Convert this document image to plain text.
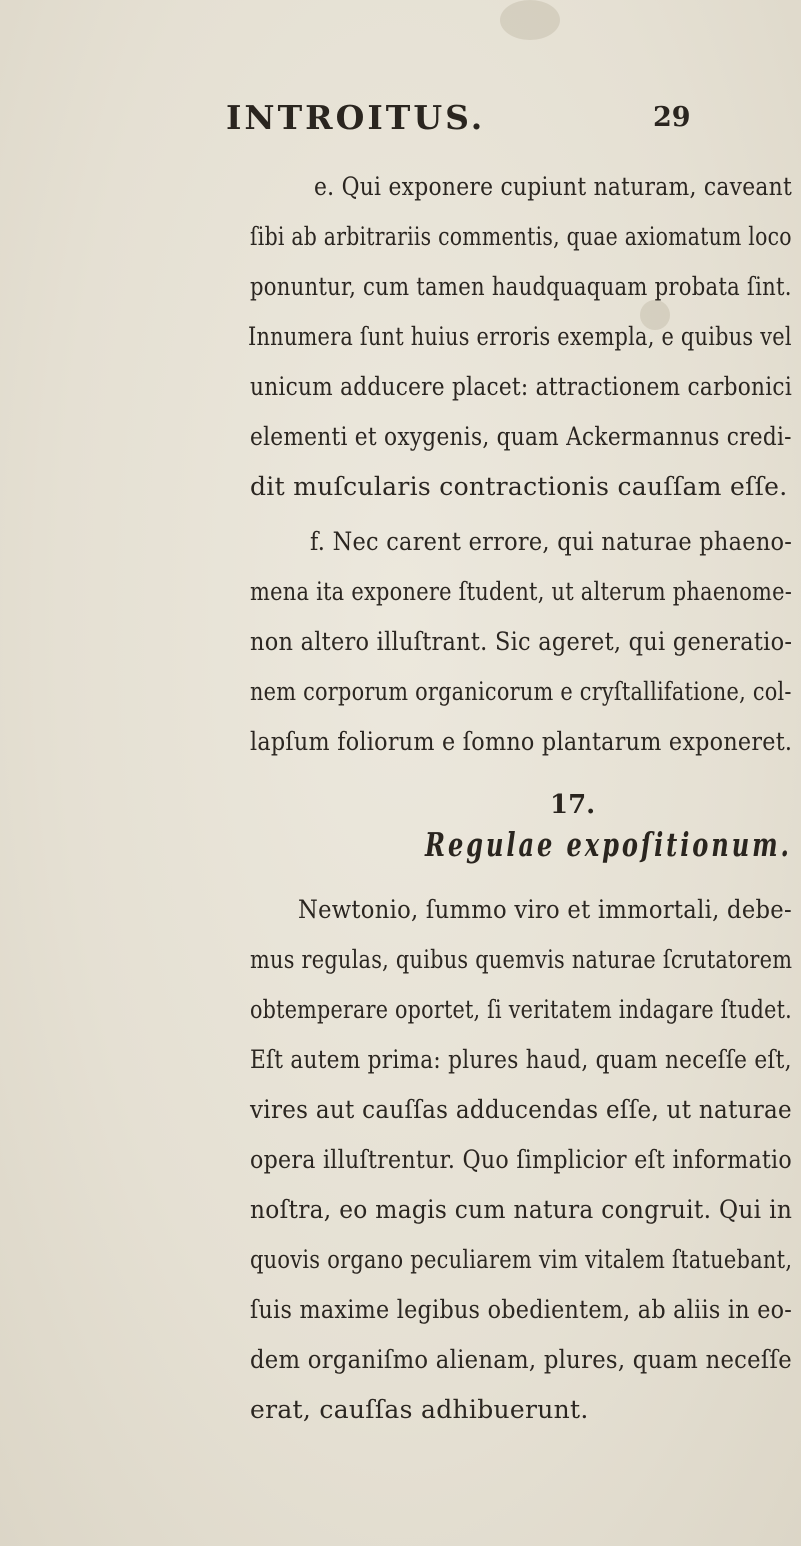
INTROITUS.	29
e. Qui exponere cupiunt naturam, caveant
ſibi ab arbitrariis commentis, quae axiomatum loco
ponuntur, cum tamen haudquaquam probata ſint.
Innumera ſunt huius erroris exempla, e quibus vel
unicum adducere placet: attractionem carbonici
elementi et oxygenis, quam Ackermannus credi-
dit muſcularis contractionis cauſſam eſſe.
f. Nec carent errore, qui naturae phaeno-
mena ita exponere ſtudent, ut alterum phaenome-
non altero illuſtrant. Sic ageret, qui generatio-
nem corporum organicorum e cryſtallifatione, col-
lapſum foliorum e ſomno plantarum exponeret.
17.
Regulae expoſitionum.
Newtonio, ſummo viro et immortali, debe-
mus regulas, quibus quemvis naturae ſcrutatorem
obtemperare oportet, ſi veritatem indagare ſtudet.
Eſt autem prima: plures haud, quam neceſſe eſt,
vires aut cauſſas adducendas eſſe, ut naturae
opera illuſtrentur. Quo ſimplicior eſt informatio
noſtra, eo magis cum natura congruit. Qui in
quovis organo peculiarem vim vitalem ſtatuebant,
ſuis maxime legibus obedientem, ab aliis in eo-
dem organiſmo alienam, plures, quam neceſſe
erat, cauſſas adhibuerunt.
